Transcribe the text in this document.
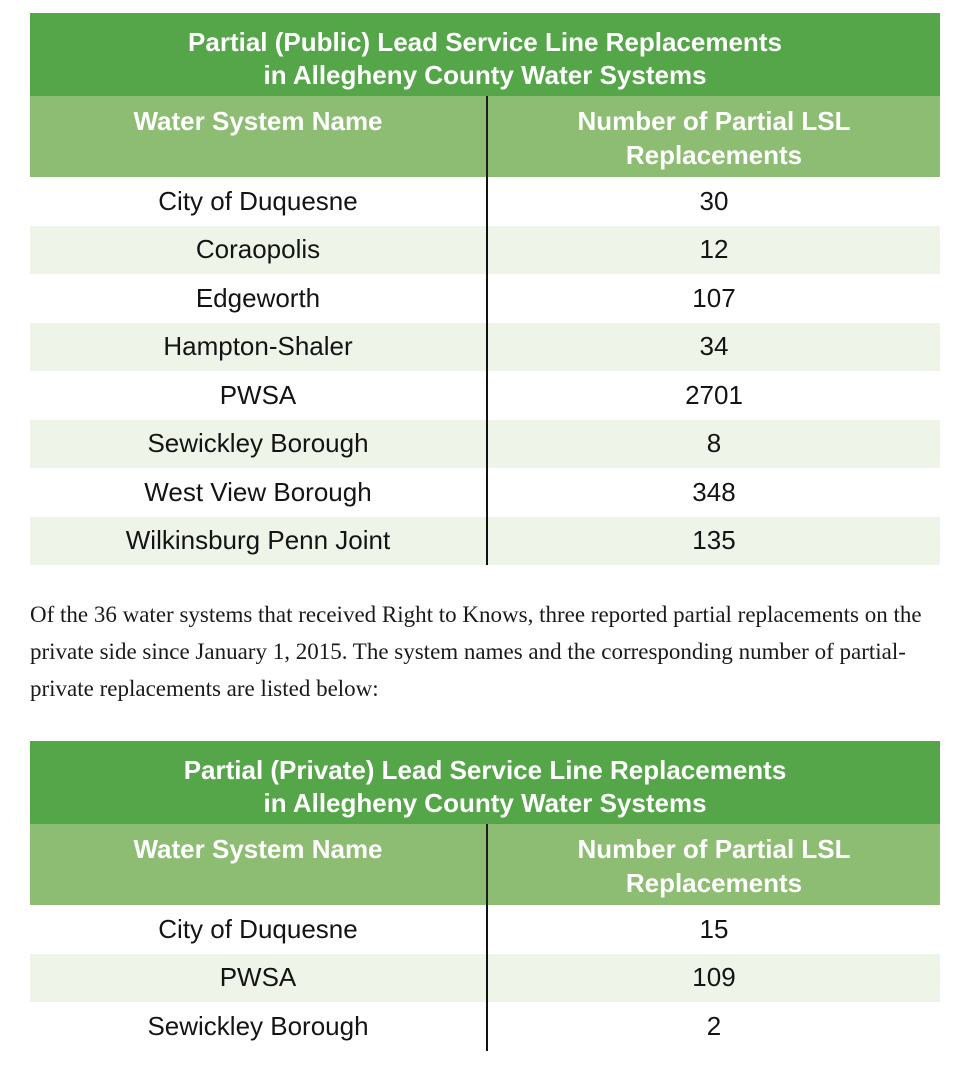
Partial (Public) Lead Service Line Replacements
in Allegheny County Water Systems
Water System Name	Number of Partial LSL
Replacements
City of Duquesne	30
Coraopolis	12
Edgeworth	107
Hampton-Shaler	34
PWSA	2701
Sewickley Borough	8
West View Borough	348
Wilkinsburg Penn Joint	135

Of the 36 water systems that received Right to Knows, three reported partial replacements on the private side since January 1, 2015. The system names and the corresponding number of partial-private replacements are listed below:

Partial (Private) Lead Service Line Replacements
in Allegheny County Water Systems
Water System Name	Number of Partial LSL
Replacements
City of Duquesne	15
PWSA	109
Sewickley Borough	2
